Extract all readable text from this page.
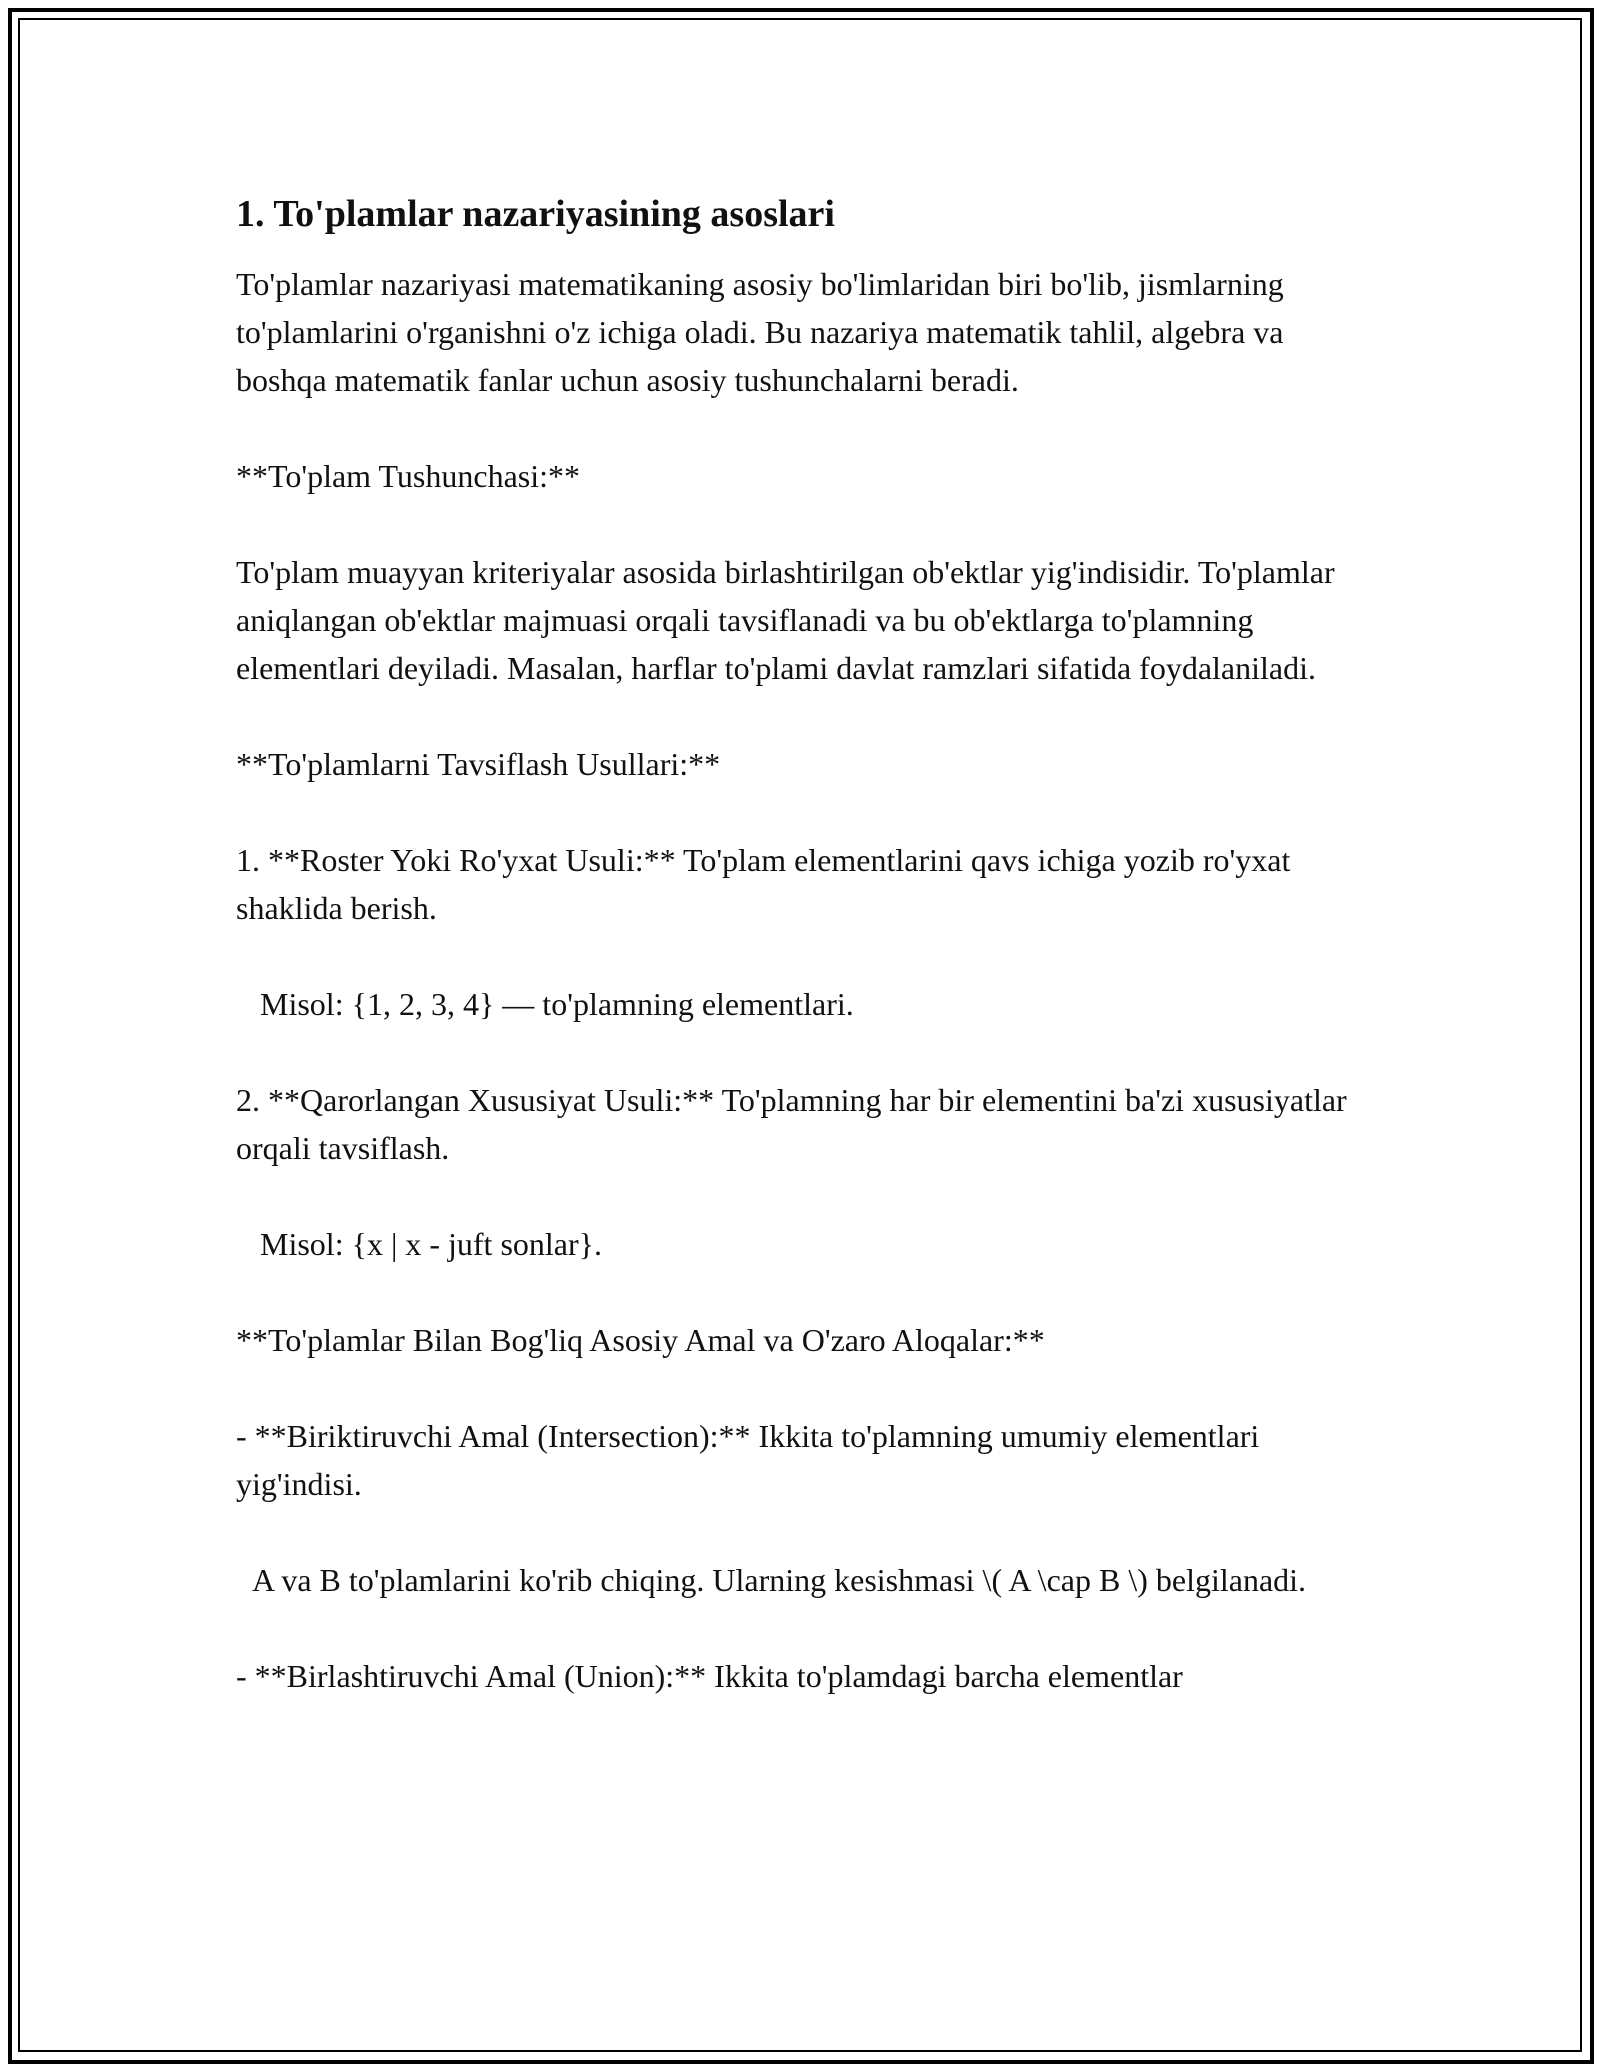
1. To'plamlar nazariyasining asoslari

To'plamlar nazariyasi matematikaning asosiy bo'limlaridan biri bo'lib, jismlarning to'plamlarini o'rganishni o'z ichiga oladi. Bu nazariya matematik tahlil, algebra va boshqa matematik fanlar uchun asosiy tushunchalarni beradi.

**To'plam Tushunchasi:**

To'plam muayyan kriteriyalar asosida birlashtirilgan ob'ektlar yig'indisidir. To'plamlar aniqlangan ob'ektlar majmuasi orqali tavsiflanadi va bu ob'ektlarga to'plamning elementlari deyiladi. Masalan, harflar to'plami davlat ramzlari sifatida foydalaniladi.

**To'plamlarni Tavsiflash Usullari:**

1. **Roster Yoki Ro'yxat Usuli:** To'plam elementlarini qavs ichiga yozib ro'yxat shaklida berish.

Misol: {1, 2, 3, 4} — to'plamning elementlari.

2. **Qarorlangan Xususiyat Usuli:** To'plamning har bir elementini ba'zi xususiyatlar orqali tavsiflash.

Misol: {x | x - juft sonlar}.

**To'plamlar Bilan Bog'liq Asosiy Amal va O'zaro Aloqalar:**

- **Biriktiruvchi Amal (Intersection):** Ikkita to'plamning umumiy elementlari yig'indisi.

A va B to'plamlarini ko'rib chiqing. Ularning kesishmasi \( A \cap B \) belgilanadi.

- **Birlashtiruvchi Amal (Union):** Ikkita to'plamdagi barcha elementlar
